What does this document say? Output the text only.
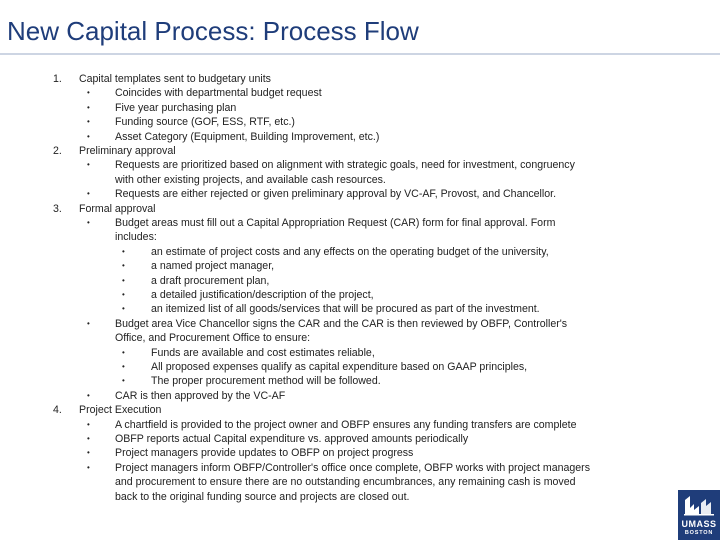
New Capital Process: Process Flow
1. Capital templates sent to budgetary units
• Coincides with departmental budget request
• Five year purchasing plan
• Funding source (GOF, ESS, RTF, etc.)
• Asset Category (Equipment, Building Improvement, etc.)
2. Preliminary approval
• Requests are prioritized based on alignment with strategic goals, need for investment, congruency
with other existing projects, and available cash resources.
• Requests are either rejected or given preliminary approval by VC-AF, Provost, and Chancellor.
3. Formal approval
• Budget areas must fill out a Capital Appropriation Request (CAR) form for final approval. Form
includes:
• an estimate of project costs and any effects on the operating budget of the university,
• a named project manager,
• a draft procurement plan,
• a detailed justification/description of the project,
• an itemized list of all goods/services that will be procured as part of the investment.
• Budget area Vice Chancellor signs the CAR and the CAR is then reviewed by OBFP, Controller's
Office, and Procurement Office to ensure:
• Funds are available and cost estimates reliable,
• All proposed expenses qualify as capital expenditure based on GAAP principles,
• The proper procurement method will be followed.
• CAR is then approved by the VC-AF
4. Project Execution
• A chartfield is provided to the project owner and OBFP ensures any funding transfers are complete
• OBFP reports actual Capital expenditure vs. approved amounts periodically
• Project managers provide updates to OBFP on project progress
• Project managers inform OBFP/Controller's office once complete, OBFP works with project managers
and procurement to ensure there are no outstanding encumbrances, any remaining cash is moved
back to the original funding source and projects are closed out.
UMASS
BOSTON
